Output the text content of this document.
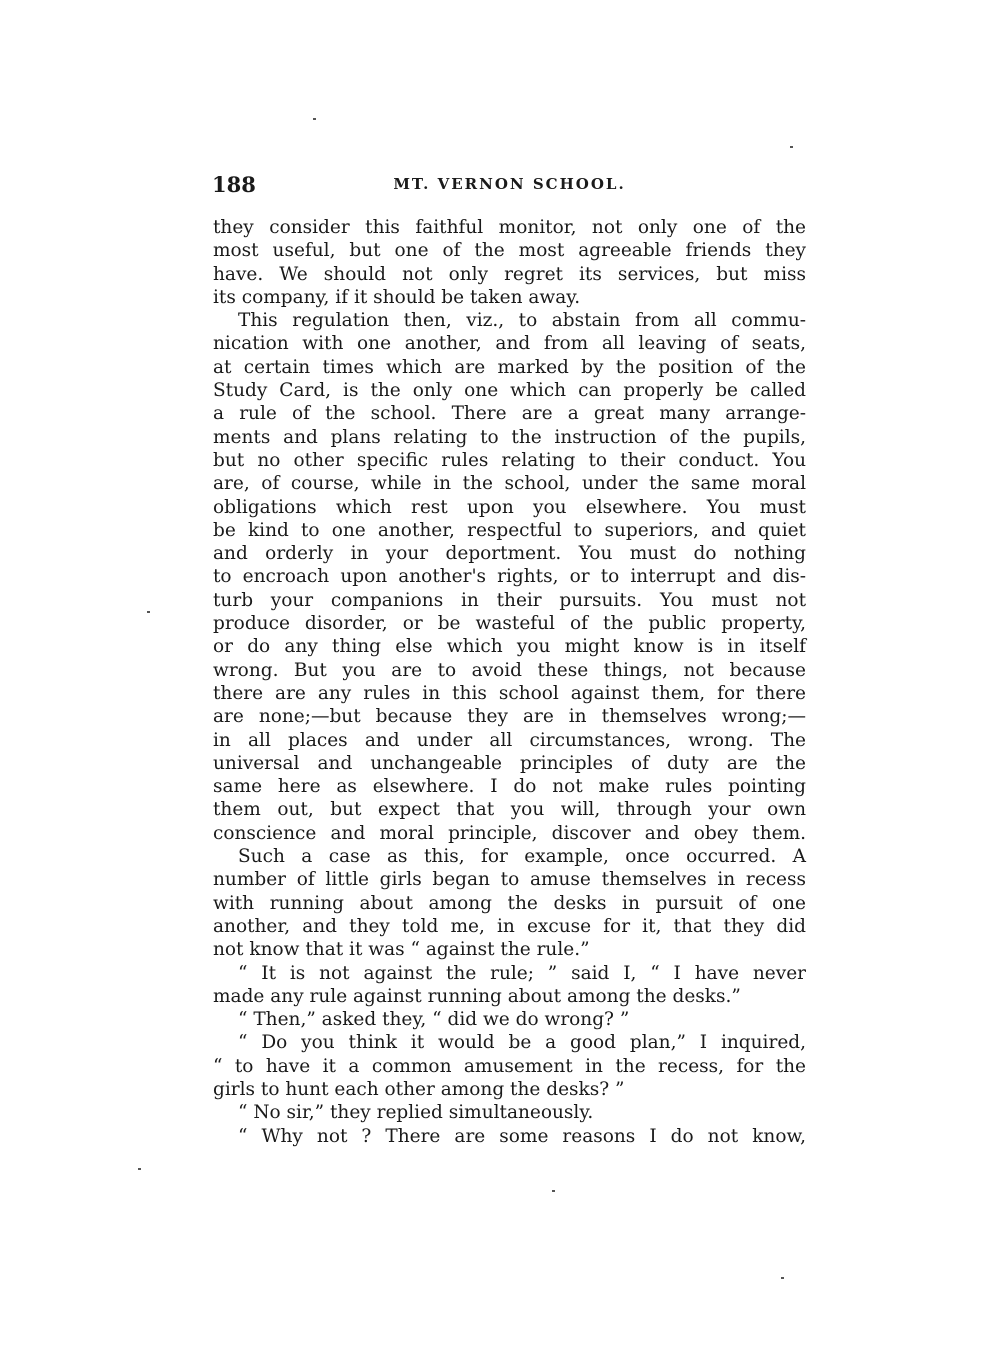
188	MT. VERNON SCHOOL.
they consider this faithful monitor, not only one of the
most useful, but one of the most agreeable friends they
have. We should not only regret its services, but miss
its company, if it should be taken away.
This regulation then, viz., to abstain from all commu-
nication with one another, and from all leaving of seats,
at certain times which are marked by the position of the
Study Card, is the only one which can properly be called
a rule of the school. There are a great many arrange-
ments and plans relating to the instruction of the pupils,
but no other specific rules relating to their conduct. You
are, of course, while in the school, under the same moral
obligations which rest upon you elsewhere. You must
be kind to one another, respectful to superiors, and quiet
and orderly in your deportment. You must do nothing
to encroach upon another's rights, or to interrupt and dis-
turb your companions in their pursuits. You must not
produce disorder, or be wasteful of the public property,
or do any thing else which you might know is in itself
wrong. But you are to avoid these things, not because
there are any rules in this school against them, for there
are none;—but because they are in themselves wrong;—
in all places and under all circumstances, wrong. The
universal and unchangeable principles of duty are the
same here as elsewhere. I do not make rules pointing
them out, but expect that you will, through your own
conscience and moral principle, discover and obey them.
Such a case as this, for example, once occurred. A
number of little girls began to amuse themselves in recess
with running about among the desks in pursuit of one
another, and they told me, in excuse for it, that they did
not know that it was “ against the rule.”
“ It is not against the rule; ” said I, “ I have never
made any rule against running about among the desks.”
“ Then,” asked they, “ did we do wrong? ”
“ Do you think it would be a good plan,” I inquired,
“ to have it a common amusement in the recess, for the
girls to hunt each other among the desks? ”
“ No sir,” they replied simultaneously.
“ Why not ? There are some reasons I do not know,
